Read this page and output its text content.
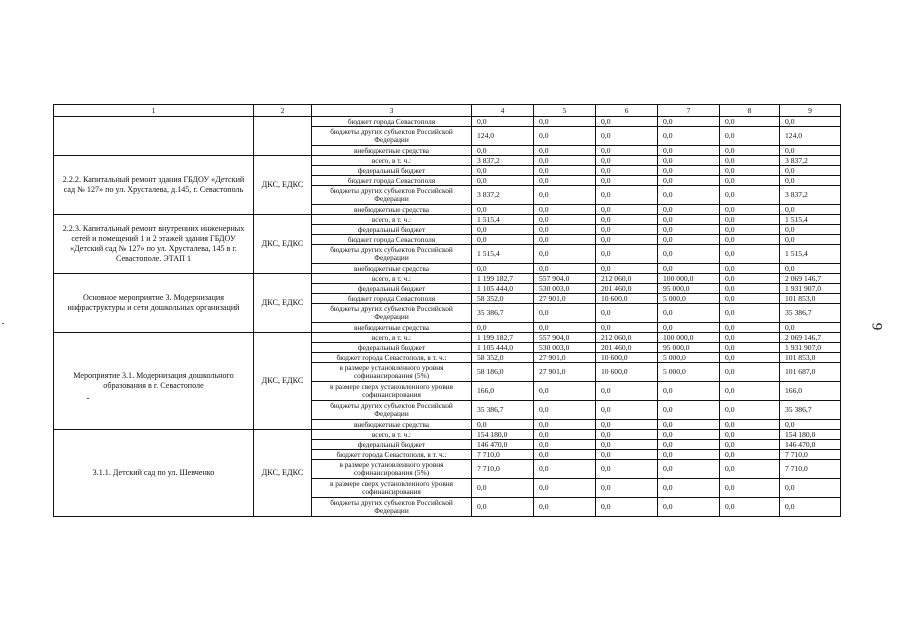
1	2	3	4	5	6	7	8	9
		бюджет города Севастополя	0,0	0,0	0,0	0,0	0,0	0,0
		бюджеты других субъектов Российской Федерации	124,0	0,0	0,0	0,0	0,0	124,0
		внебюджетные средства	0,0	0,0	0,0	0,0	0,0	0,0
2.2.2. Капитальный ремонт здания ГБДОУ «Детский сад № 127» по ул. Хрусталева, д.145, г. Севастополь	ДКС, ЕДКС	всего, в т. ч.:	3 837,2	0,0	0,0	0,0	0,0	3 837,2
		федеральный бюджет	0,0	0,0	0,0	0,0	0,0	0,0
		бюджет города Севастополя	0,0	0,0	0,0	0,0	0,0	0,0
		бюджеты других субъектов Российской Федерации	3 837,2	0,0	0,0	0,0	0,0	3 837,2
		внебюджетные средства	0,0	0,0	0,0	0,0	0,0	0,0
2.2.3. Капитальный ремонт внутренних инженерных сетей и помещений 1 и 2 этажей здания ГБДОУ «Детский сад № 127» по ул. Хрусталева, 145 в г. Севастополе. ЭТАП 1	ДКС, ЕДКС	всего, в т. ч.:	1 515,4	0,0	0,0	0,0	0,0	1 515,4
		федеральный бюджет	0,0	0,0	0,0	0,0	0,0	0,0
		бюджет города Севастополя	0,0	0,0	0,0	0,0	0,0	0,0
		бюджеты других субъектов Российской Федерации	1 515,4	0,0	0,0	0,0	0,0	1 515,4
		внебюджетные средства	0,0	0,0	0,0	0,0	0,0	0,0
Основное мероприятие 3. Модернизация инфраструктуры и сети дошкольных организаций	ДКС, ЕДКС	всего, в т. ч.:	1 199 182,7	557 904,0	212 060,0	100 000,0	0,0	2 069 146,7
		федеральный бюджет	1 105 444,0	530 003,0	201 460,0	95 000,0	0,0	1 931 907,0
		бюджет города Севастополя	58 352,0	27 901,0	10 600,0	5 000,0	0,0	101 853,0
		бюджеты других субъектов Российской Федерации	35 386,7	0,0	0,0	0,0	0,0	35 386,7
		внебюджетные средства	0,0	0,0	0,0	0,0	0,0	0,0
Мероприятие 3.1. Модернизация дошкольного образования в г. Севастополе	ДКС, ЕДКС	всего, в т. ч.:	1 199 182,7	557 904,0	212 060,0	100 000,0	0,0	2 069 146,7
		федеральный бюджет	1 105 444,0	530 003,0	201 460,0	95 000,0	0,0	1 931 907,0
		бюджет города Севастополя, в т. ч.:	58 352,0	27 901,0	10 600,0	5 000,0	0,0	101 853,0
		в размере установленного уровня софинансирования (5%)	58 186,0	27 901,0	10 600,0	5 000,0	0,0	101 687,0
		в размере сверх установленного уровня софинансирования	166,0	0,0	0,0	0,0	0,0	166,0
		бюджеты других субъектов Российской Федерации	35 386,7	0,0	0,0	0,0	0,0	35 386,7
		внебюджетные средства	0,0	0,0	0,0	0,0	0,0	0,0
3.1.1. Детский сад по ул. Шевченко	ДКС, ЕДКС	всего, в т. ч.:	154 180,0	0,0	0,0	0,0	0,0	154 180,0
		федеральный бюджет	146 470,0	0,0	0,0	0,0	0,0	146 470,0
		бюджет города Севастополя, в т. ч.:	7 710,0	0,0	0,0	0,0	0,0	7 710,0
		в размере установленного уровня софинансирования (5%)	7 710,0	0,0	0,0	0,0	0,0	7 710,0
		в размере сверх установленного уровня софинансирования	0,0	0,0	0,0	0,0	0,0	0,0
		бюджеты других субъектов Российской Федерации	0,0	0,0	0,0	0,0	0,0	0,0
9
